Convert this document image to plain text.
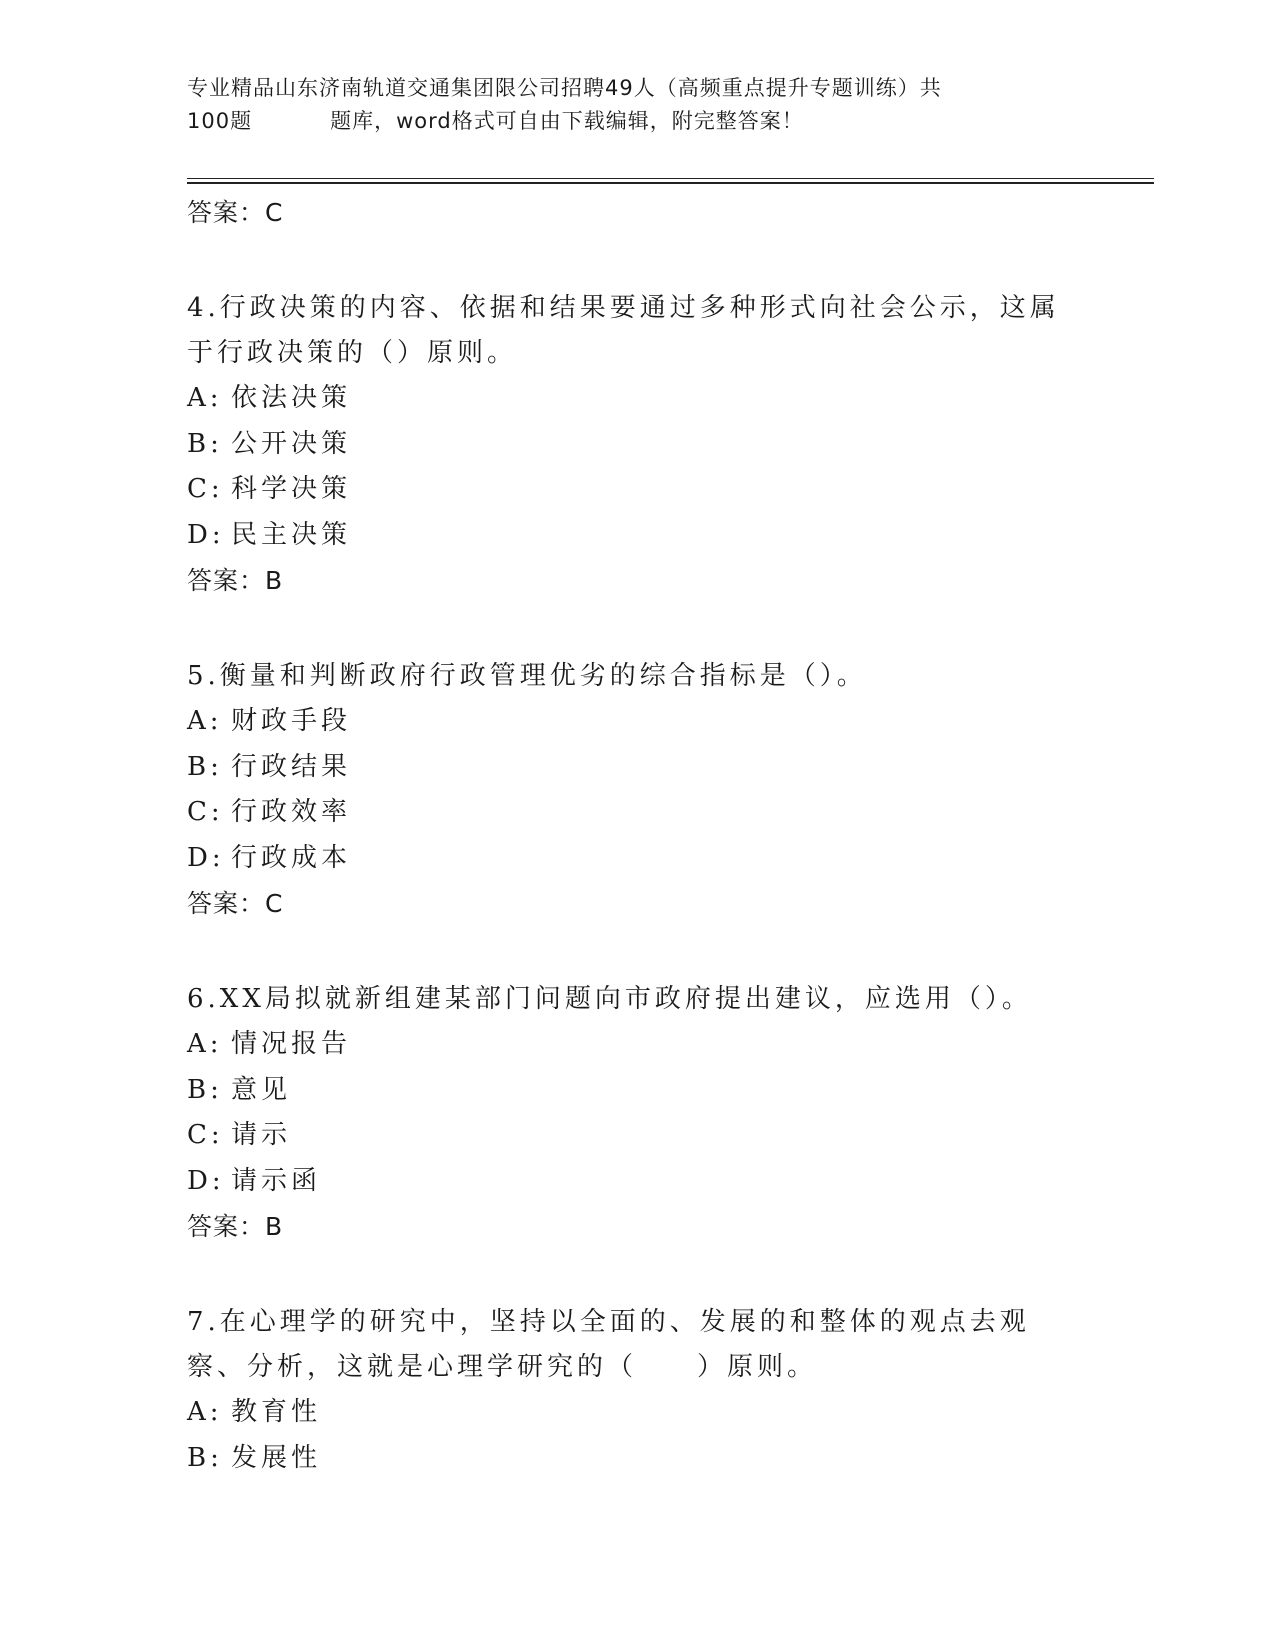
专业精品山东济南轨道交通集团限公司招聘49人（高频重点提升专题训练）共
100题	题库，word格式可自由下载编辑，附完整答案！
答案：C
4.行政决策的内容、依据和结果要通过多种形式向社会公示，这属于行政决策的（）原则。
A: 依法决策
B: 公开决策
C: 科学决策
D: 民主决策
答案：B
5.衡量和判断政府行政管理优劣的综合指标是（）。
A: 财政手段
B: 行政结果
C: 行政效率
D: 行政成本
答案：C
6.XX局拟就新组建某部门问题向市政府提出建议，应选用（）。
A: 情况报告
B: 意见
C: 请示
D: 请示函
答案：B
7.在心理学的研究中，坚持以全面的、发展的和整体的观点去观察、分析，这就是心理学研究的（　　）原则。
A: 教育性
B: 发展性
